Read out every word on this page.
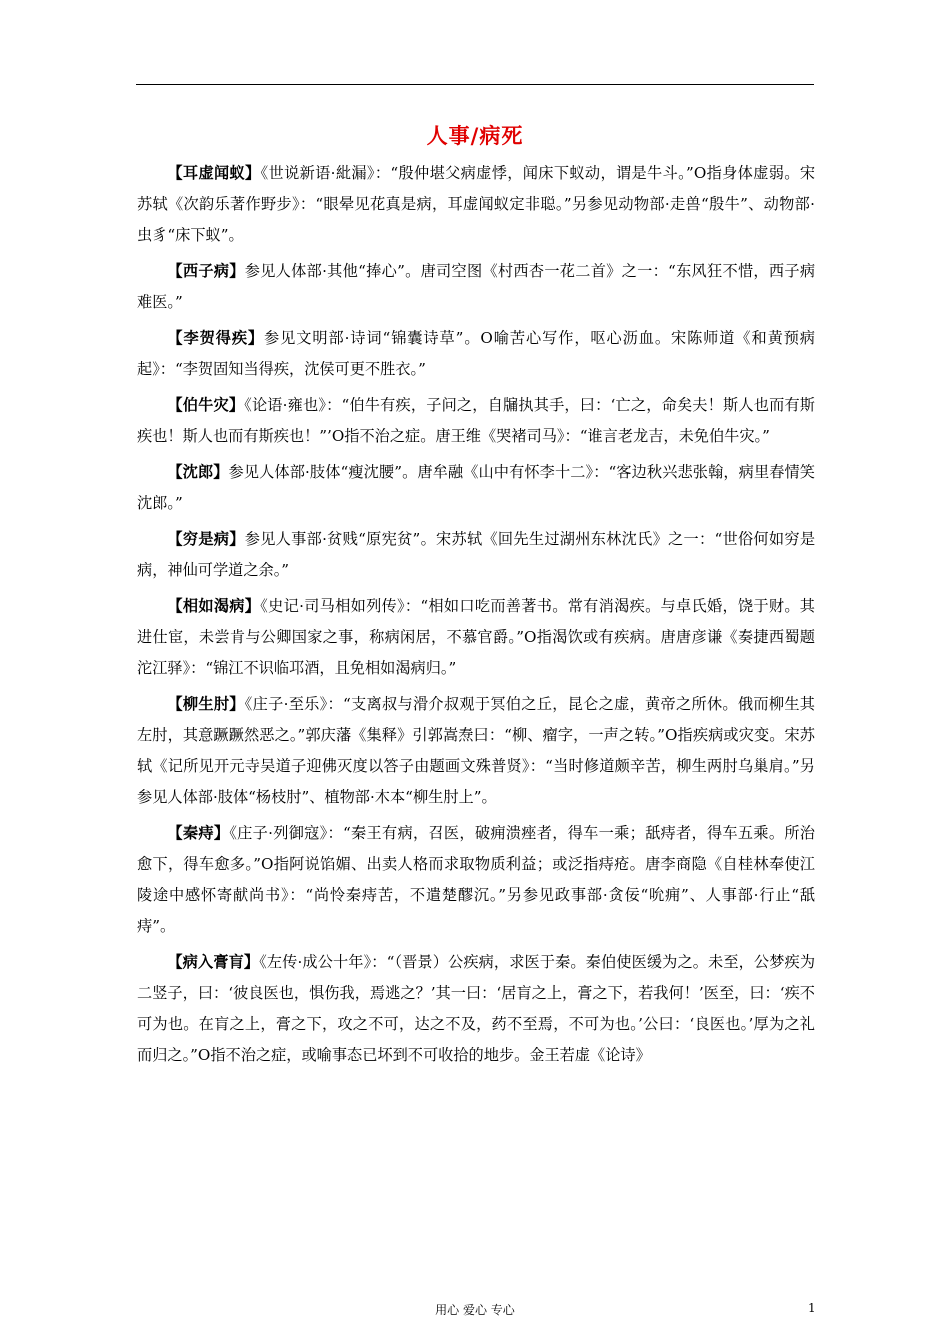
人事/病死

【耳虚闻蚁】《世说新语·紕漏》：“殷仲堪父病虚悸，闻床下蚁动，谓是牛斗。”O指身体虚弱。宋苏轼《次韵乐著作野步》：“眼晕见花真是病，耳虚闻蚁定非聪。”另参见动物部·走兽“殷牛”、动物部·虫豸“床下蚁”。

【西子病】参见人体部·其他“捧心”。唐司空图《村西杏一花二首》之一：“东风狂不惜，西子病难医。”

【李贺得疾】参见文明部·诗词“锦囊诗草”。O喻苦心写作，呕心沥血。宋陈师道《和黄预病起》：“李贺固知当得疾，沈侯可更不胜衣。”

【伯牛灾】《论语·雍也》：“伯牛有疾，子问之，自牖执其手，曰：‘亡之，命矣夫！斯人也而有斯疾也！斯人也而有斯疾也！”’O指不治之症。唐王维《哭褚司马》：“谁言老龙吉，未免伯牛灾。”

【沈郎】参见人体部·肢体“瘦沈腰”。唐牟融《山中有怀李十二》：“客边秋兴悲张翰，病里春情笑沈郎。”

【穷是病】参见人事部·贫贱“原宪贫”。宋苏轼《回先生过湖州东林沈氏》之一：“世俗何如穷是病，神仙可学道之余。”

【相如渴病】《史记·司马相如列传》：“相如口吃而善著书。常有消渴疾。与卓氏婚，饶于财。其进仕宦，未尝肯与公卿国家之事，称病闲居，不慕官爵。”O指渴饮或有疾病。唐唐彦谦《奏捷西蜀题沱江驿》：“锦江不识临邛酒，且免相如渴病归。”

【柳生肘】《庄子·至乐》：“支离叔与滑介叔观于冥伯之丘，昆仑之虚，黄帝之所休。俄而柳生其左肘，其意蹶蹶然恶之。”郭庆藩《集释》引郭嵩焘曰：“柳、瘤字，一声之转。”O指疾病或灾变。宋苏轼《记所见开元寺吴道子迎佛灭度以答子由题画文殊普贤》：“当时修道颇辛苦，柳生两肘乌巢肩。”另参见人体部·肢体“杨枝肘”、植物部·木本“柳生肘上”。

【秦痔】《庄子·列御寇》：“秦王有病，召医，破痈溃痤者，得车一乘；舐痔者，得车五乘。所治愈下，得车愈多。”O指阿说馅媚、出卖人格而求取物质利益；或泛指痔疮。唐李商隐《自桂林奉使江陵途中感怀寄献尚书》：“尚怜秦痔苦，不遣楚醪沉。”另参见政事部·贪佞“吮痈”、人事部·行止“舐痔”。

【病入膏肓】《左传·成公十年》：“（晋景）公疾病，求医于秦。秦伯使医缓为之。未至，公梦疾为二竖子，曰：‘彼良医也，惧伤我，焉逃之？’其一曰：‘居肓之上，膏之下，若我何！’医至，曰：‘疾不可为也。在肓之上，膏之下，攻之不可，达之不及，药不至焉，不可为也。’公曰：‘良医也。’厚为之礼而归之。”O指不治之症，或喻事态已坏到不可收拾的地步。金王若虚《论诗》

用心 爱心 专心	1
